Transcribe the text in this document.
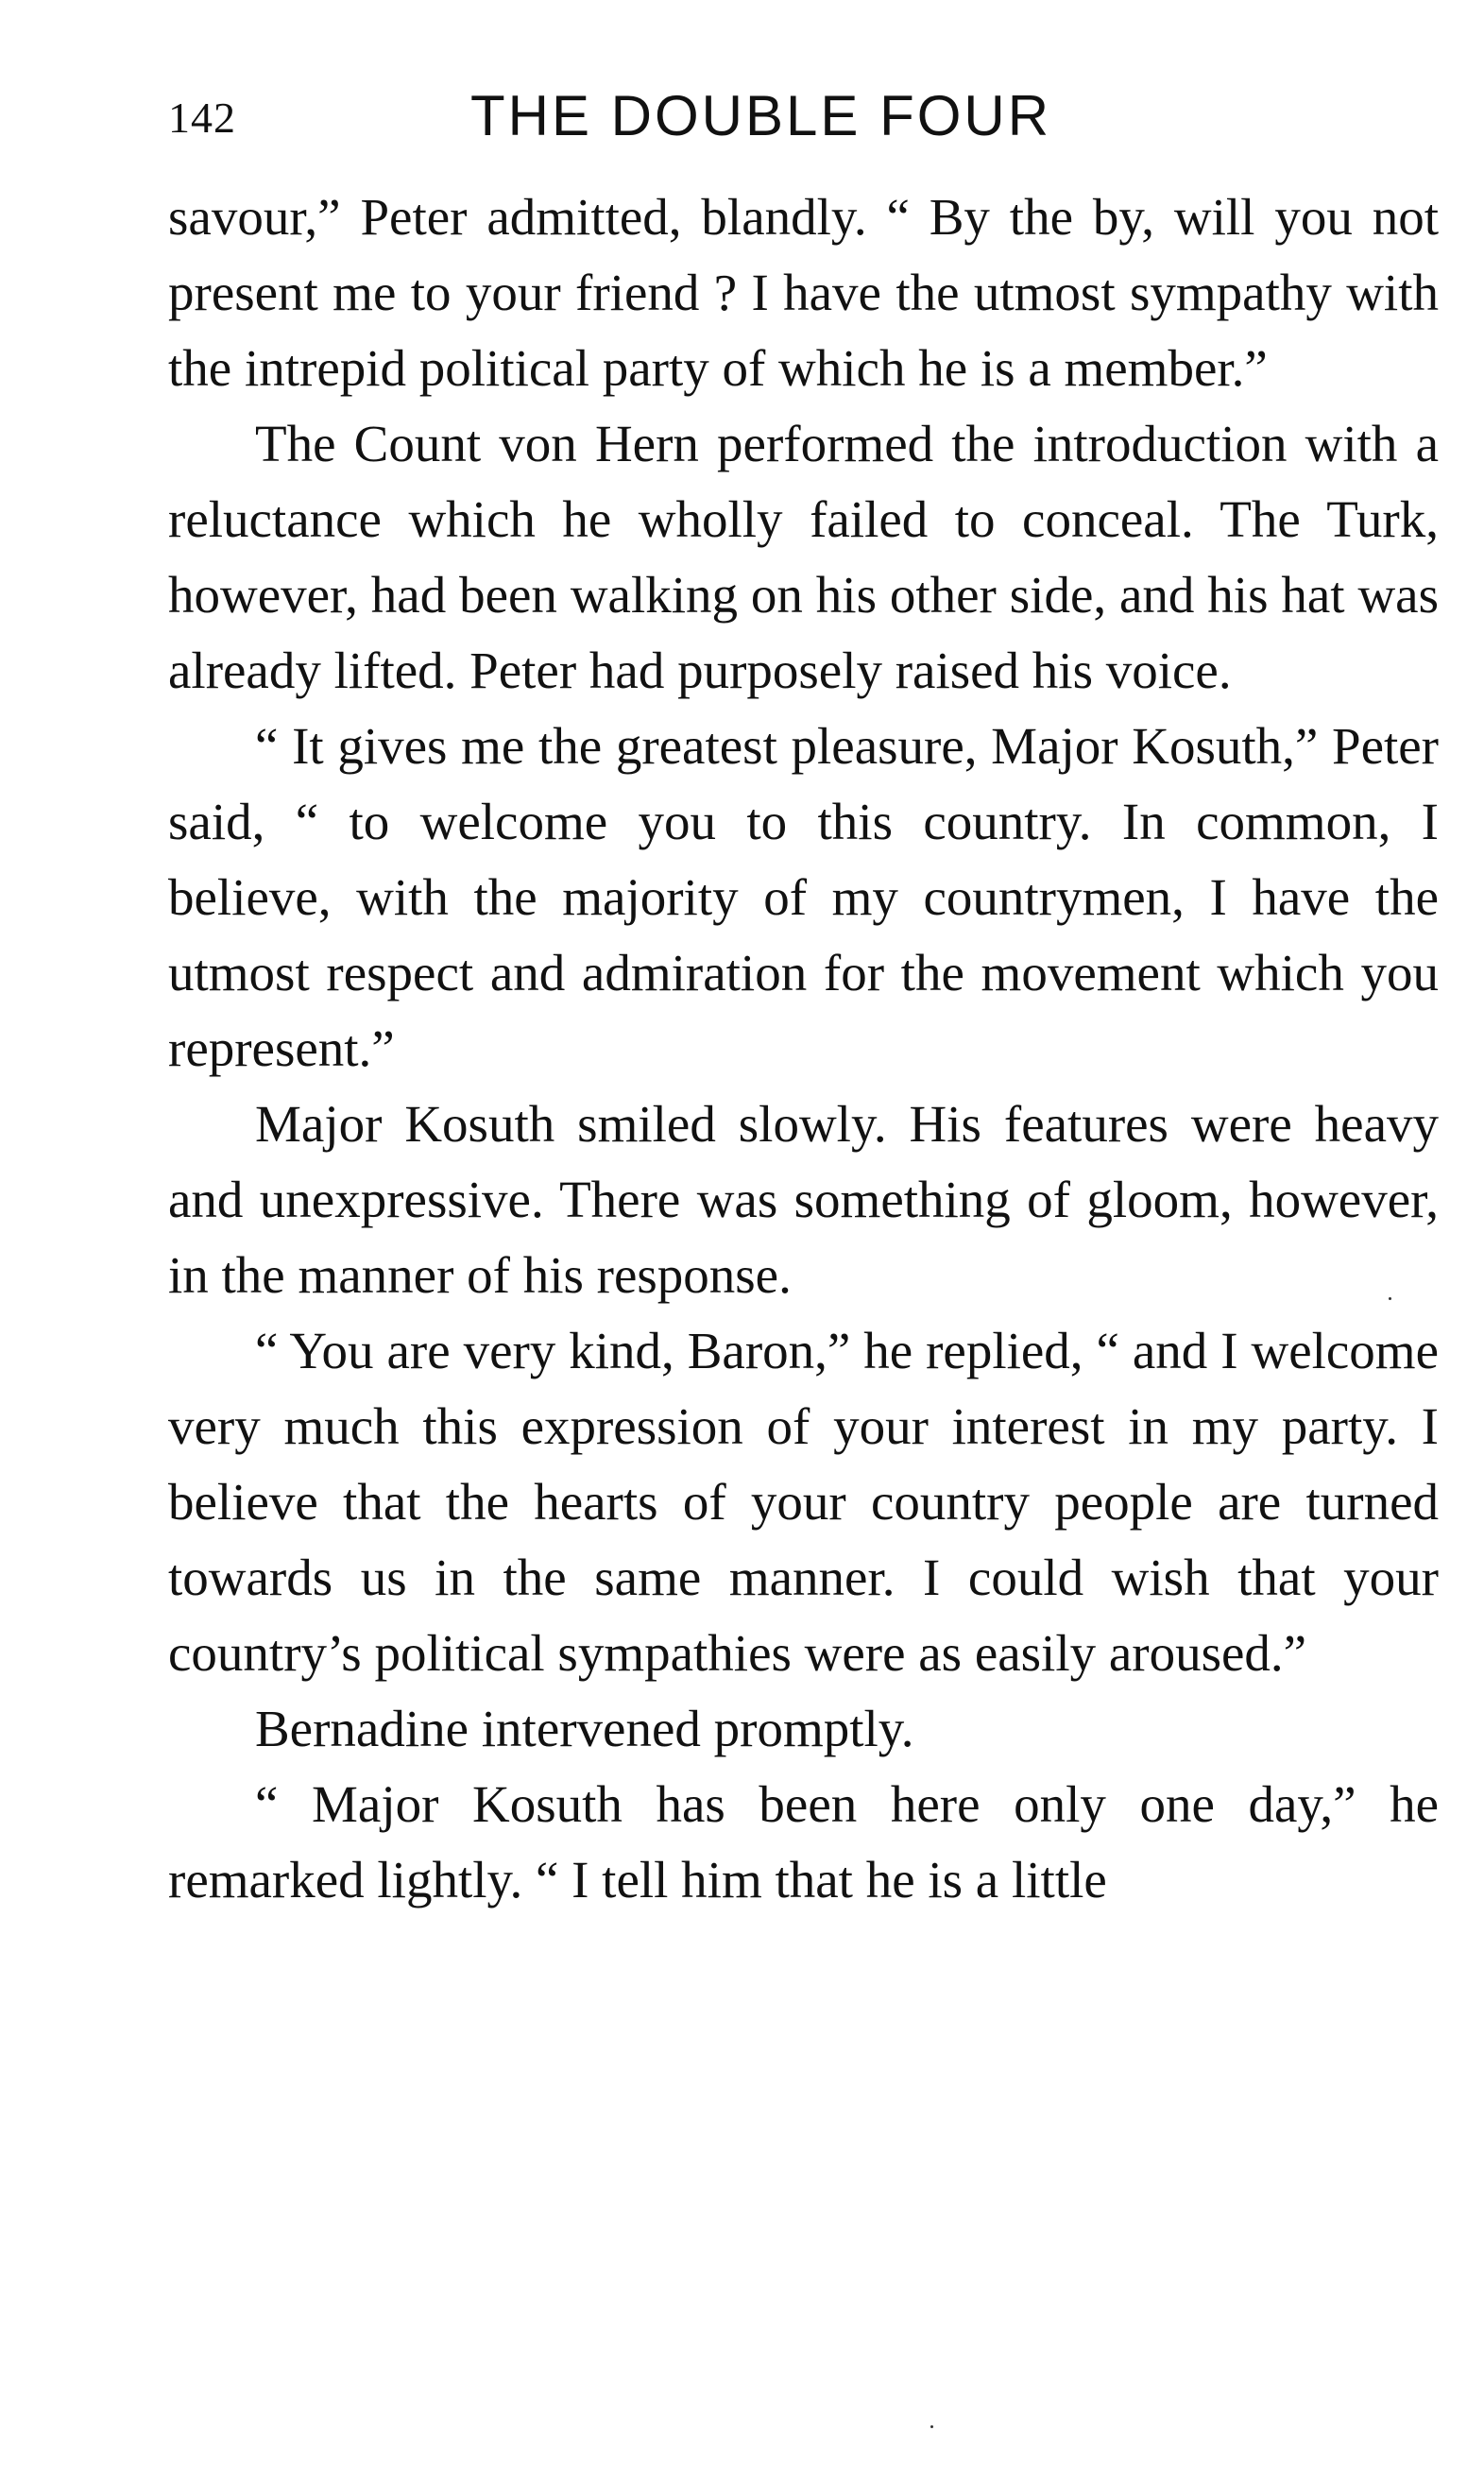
142	THE DOUBLE FOUR

savour,” Peter admitted, blandly. “ By the by, will you not present me to your friend ? I have the utmost sympathy with the intrepid political party of which he is a member.”

The Count von Hern performed the introduction with a reluctance which he wholly failed to conceal. The Turk, however, had been walking on his other side, and his hat was already lifted. Peter had purposely raised his voice.

“ It gives me the greatest pleasure, Major Kosuth,” Peter said, “ to welcome you to this country. In common, I believe, with the majority of my countrymen, I have the utmost respect and admiration for the movement which you represent.”

Major Kosuth smiled slowly. His features were heavy and unexpressive. There was something of gloom, however, in the manner of his response.

“ You are very kind, Baron,” he replied, “ and I welcome very much this expression of your interest in my party. I believe that the hearts of your country people are turned towards us in the same manner. I could wish that your country’s political sympathies were as easily aroused.”

Bernadine intervened promptly.

“ Major Kosuth has been here only one day,” he remarked lightly. “ I tell him that he is a little
